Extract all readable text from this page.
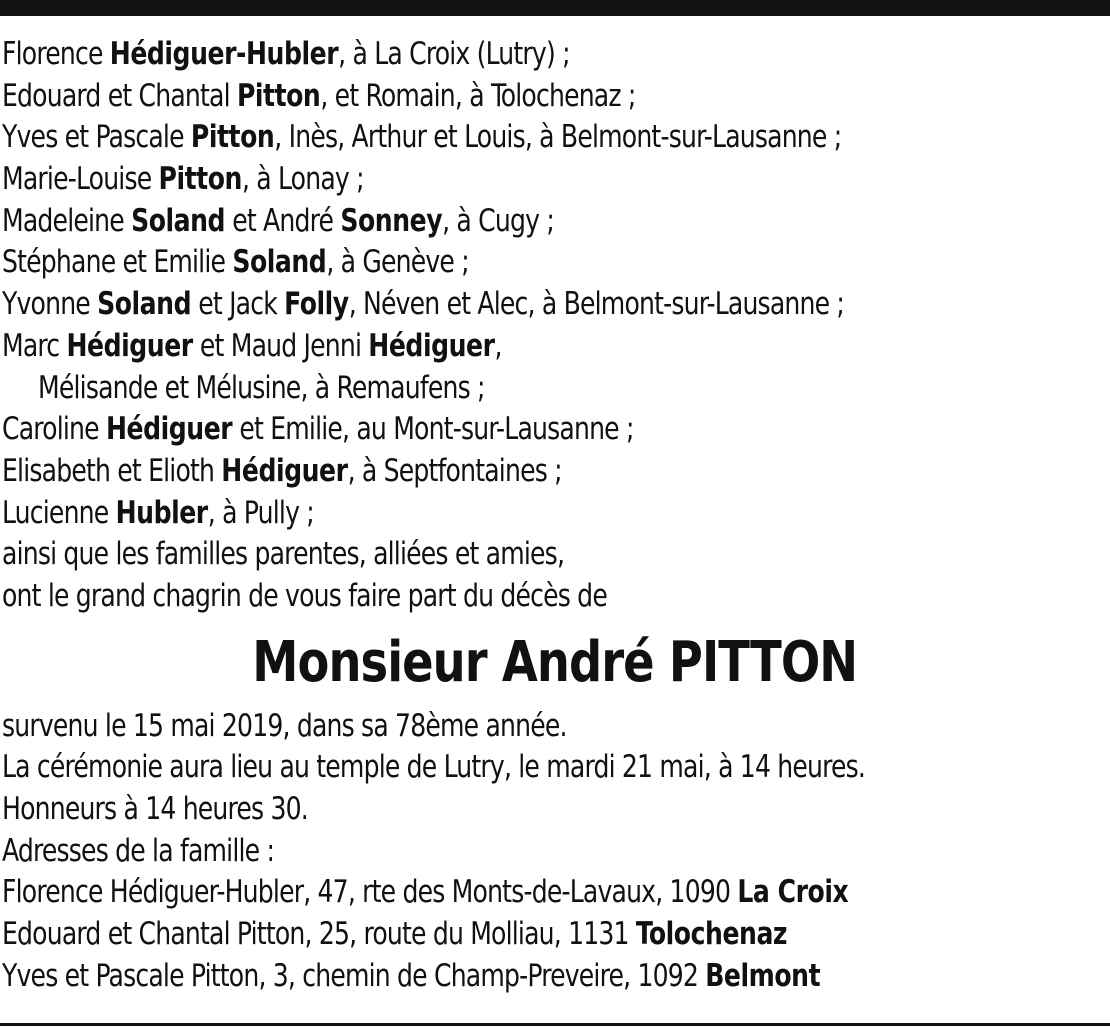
Florence Hédiguer-Hubler, à La Croix (Lutry) ;
Edouard et Chantal Pitton, et Romain, à Tolochenaz ;
Yves et Pascale Pitton, Inès, Arthur et Louis, à Belmont-sur-Lausanne ;
Marie-Louise Pitton, à Lonay ;
Madeleine Soland et André Sonney, à Cugy ;
Stéphane et Emilie Soland, à Genève ;
Yvonne Soland et Jack Folly, Néven et Alec, à Belmont-sur-Lausanne ;
Marc Hédiguer et Maud Jenni Hédiguer,
Mélisande et Mélusine, à Remaufens ;
Caroline Hédiguer et Emilie, au Mont-sur-Lausanne ;
Elisabeth et Elioth Hédiguer, à Septfontaines ;
Lucienne Hubler, à Pully ;
ainsi que les familles parentes, alliées et amies,
ont le grand chagrin de vous faire part du décès de
Monsieur André PITTON
survenu le 15 mai 2019, dans sa 78ème année.
La cérémonie aura lieu au temple de Lutry, le mardi 21 mai, à 14 heures.
Honneurs à 14 heures 30.
Adresses de la famille :
Florence Hédiguer-Hubler, 47, rte des Monts-de-Lavaux, 1090 La Croix
Edouard et Chantal Pitton, 25, route du Molliau, 1131 Tolochenaz
Yves et Pascale Pitton, 3, chemin de Champ-Preveire, 1092 Belmont
